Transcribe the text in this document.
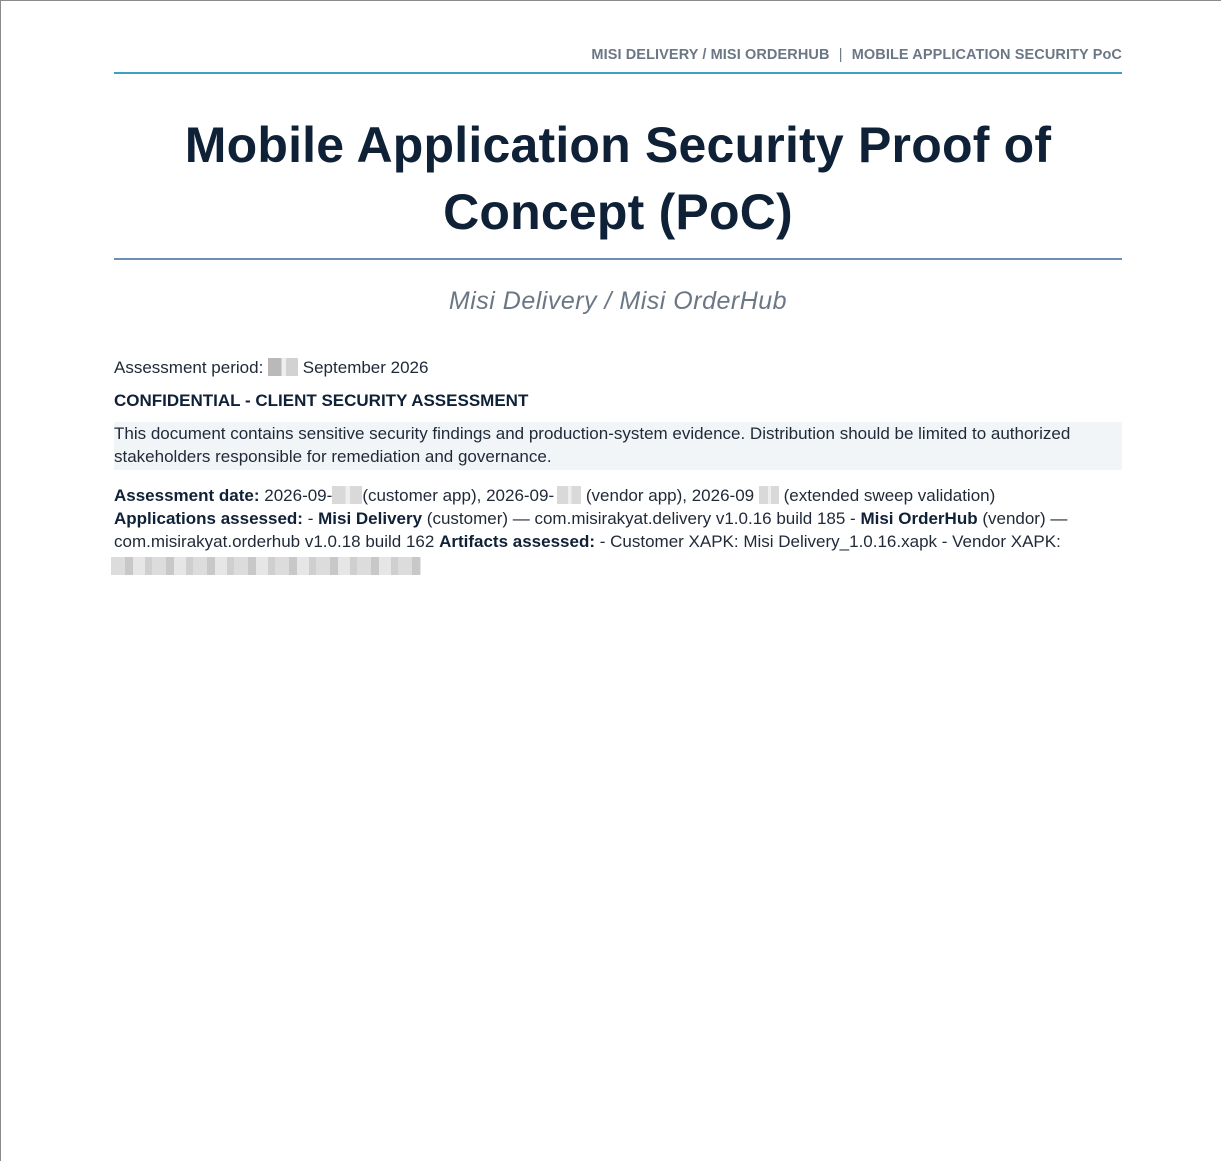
MISI DELIVERY / MISI ORDERHUB | MOBILE APPLICATION SECURITY PoC
Mobile Application Security Proof of
Concept (PoC)
Misi Delivery / Misi OrderHub
Assessment period: September 2026
CONFIDENTIAL - CLIENT SECURITY ASSESSMENT
This document contains sensitive security findings and production-system evidence. Distribution should be limited to authorized stakeholders responsible for remediation and governance.
Assessment date: 2026-09- (customer app), 2026-09- (vendor app), 2026-09 (extended sweep validation)
Applications assessed: - Misi Delivery (customer) — com.misirakyat.delivery v1.0.16 build 185 - Misi OrderHub (vendor) — com.misirakyat.orderhub v1.0.18 build 162 Artifacts assessed: - Customer XAPK: Misi Delivery_1.0.16.xapk - Vendor XAPK:
